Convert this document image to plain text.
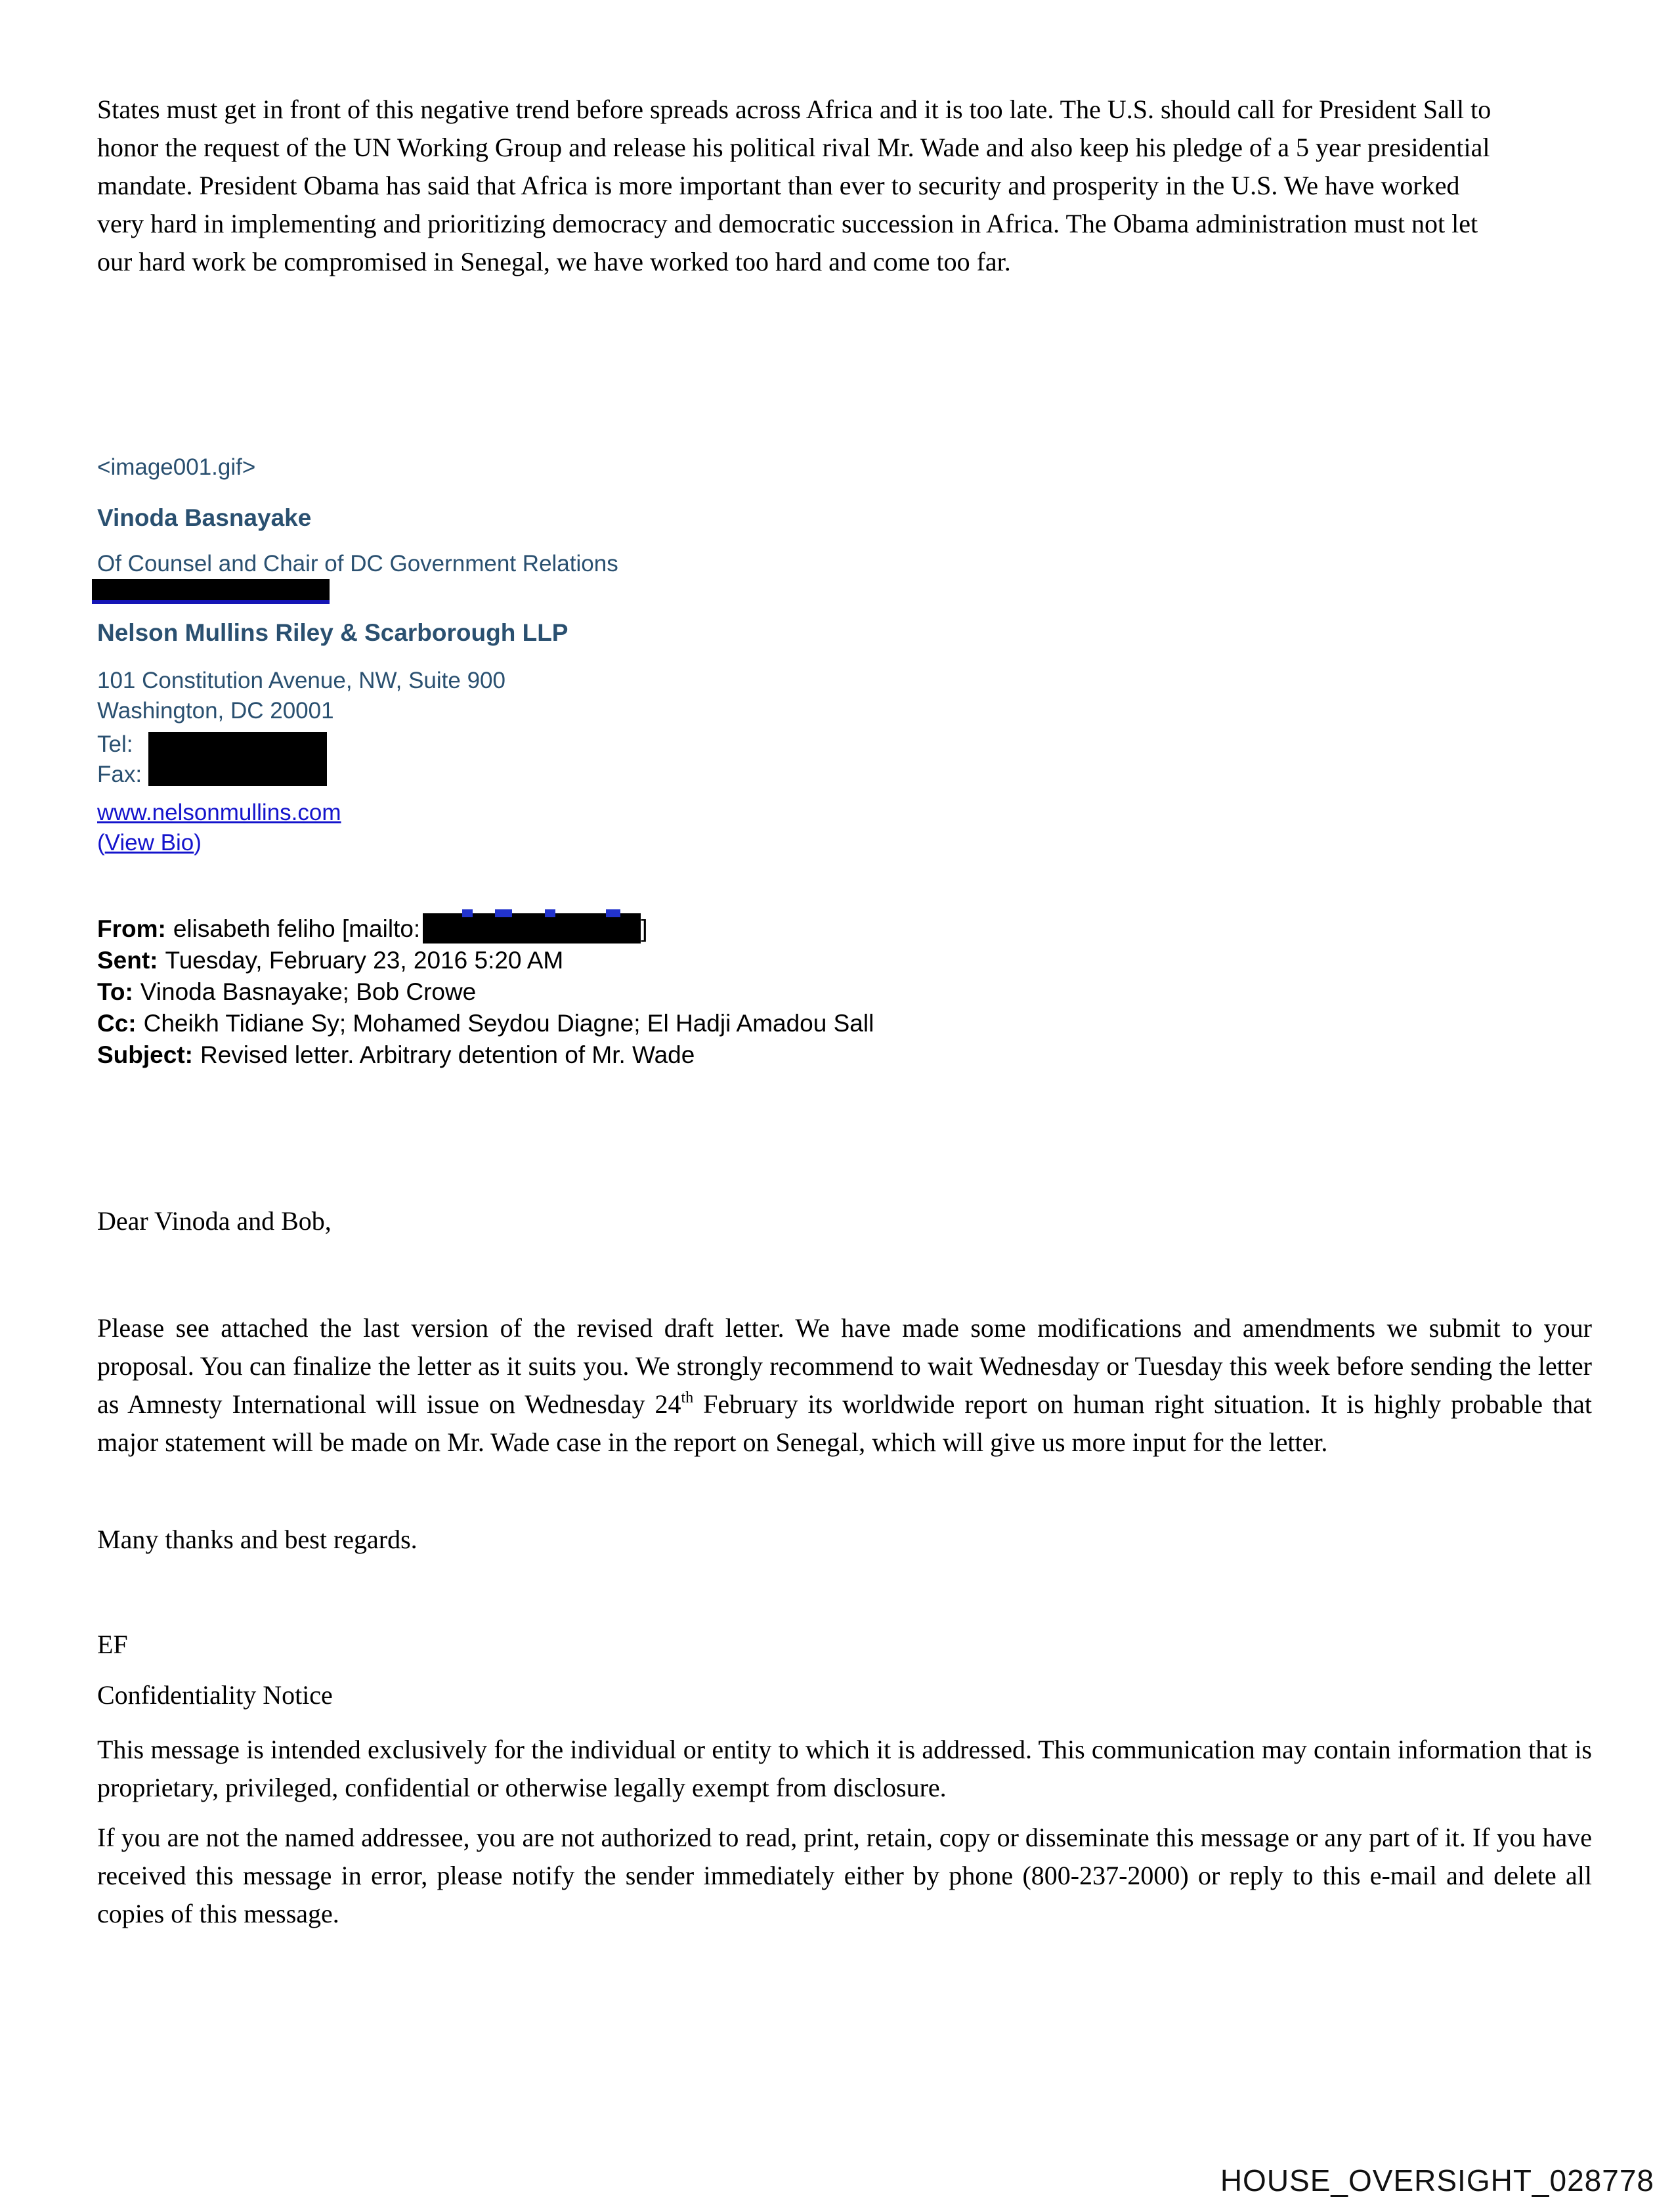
States must get in front of this negative trend before spreads across Africa and it is too late. The U.S. should call for President Sall to honor the request of the UN Working Group and release his political rival Mr. Wade and also keep his pledge of a 5 year presidential mandate. President Obama has said that Africa is more important than ever to security and prosperity in the U.S. We have worked very hard in implementing and prioritizing democracy and democratic succession in Africa. The Obama administration must not let our hard work be compromised in Senegal, we have worked too hard and come too far.

<image001.gif>

Vinoda Basnayake

Of Counsel and Chair of DC Government Relations

Nelson Mullins Riley & Scarborough LLP

101 Constitution Avenue, NW, Suite 900

Washington, DC 20001

Tel:

Fax:

www.nelsonmullins.com

(View Bio)

From: elisabeth feliho [mailto:	]

Sent: Tuesday, February 23, 2016 5:20 AM

To: Vinoda Basnayake; Bob Crowe

Cc: Cheikh Tidiane Sy; Mohamed Seydou Diagne; El Hadji Amadou Sall

Subject: Revised letter. Arbitrary detention of Mr. Wade

Dear Vinoda and Bob,

Please see attached the last version of the revised draft letter. We have made some modifications and amendments we submit to your proposal. You can finalize the letter as it suits you. We strongly recommend to wait Wednesday or Tuesday this week before sending the letter as Amnesty International will issue on Wednesday 24th February its worldwide report on human right situation. It is highly probable that major statement will be made on Mr. Wade case in the report on Senegal, which will give us more input for the letter.

Many thanks and best regards.

EF

Confidentiality Notice

This message is intended exclusively for the individual or entity to which it is addressed. This communication may contain information that is proprietary, privileged, confidential or otherwise legally exempt from disclosure.

If you are not the named addressee, you are not authorized to read, print, retain, copy or disseminate this message or any part of it. If you have received this message in error, please notify the sender immediately either by phone (800-237-2000) or reply to this e-mail and delete all copies of this message.

HOUSE_OVERSIGHT_028778
